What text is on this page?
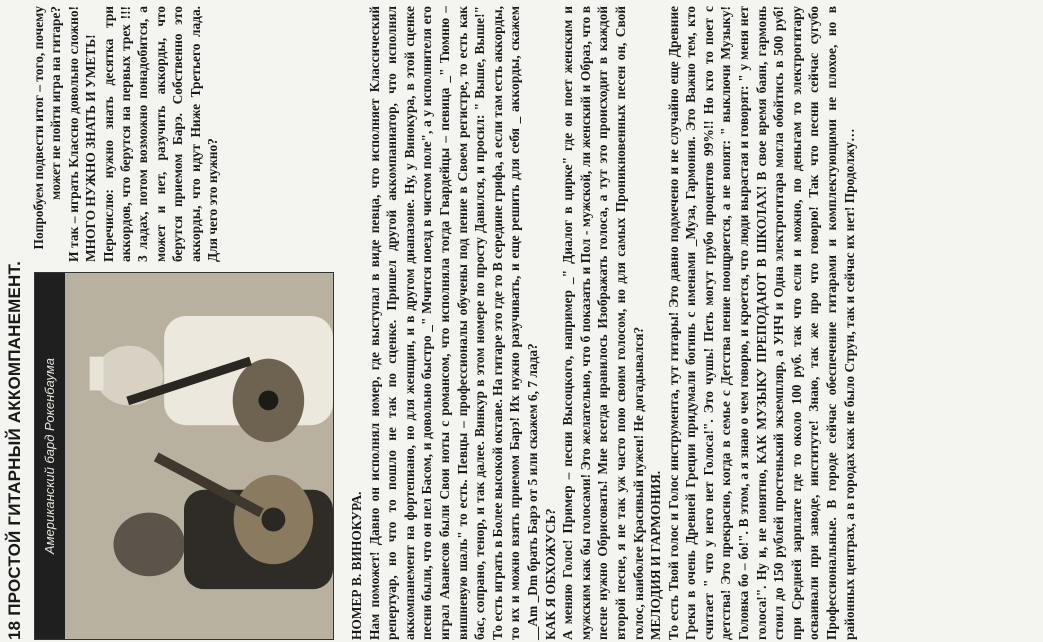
18 ПРОСТОЙ ГИТАРНЫЙ АККОМПАНЕМЕНТ.	Американский бард Рокенбаума

Попробуем подвести итог – того, почему может не пойти игра на гитаре? И так – играть Классно довольно сложно! МНОГО НУЖНО ЗНАТЬ И УМЕТЬ! Перечислю: нужно знать десятка три аккордов, что берутся на первых трех !!! 3 ладах, потом возможно понадобится, а может и нет, разучить аккорды, что берутся приемом Барэ. Собственно это аккорды, что идут Ниже Третьего лада. Для чего это нужно?

НОМЕР В. ВИНОКУРА. Нам поможет! Давно он исполнял номер, где выступал в виде певца, что исполняет Классический репертуар, но что то пошло не так по сценке. Пришел другой аккомпаниатор, что исполнял аккомпанемент на фортепиано, но для женщин, и в другом диапазоне. Ну, у Винокура, в этой сценке песни были, что он пел Басом, и довольно быстро _" Мчится поезд в чистом поле", а у исполнителя его играл Аванесов были Свои ноты с романсом, что исполняла тогда Гвардейцы – певица _" Тюмню – вишневую шаль" то есть. Певцы – профессионалы обучены под пение в Своем регистре, то есть как бас, сопрано, тенор, и так далее. Винкур в этом номере по просту Давился, и просил: " Выше, Выше!" То есть играть в Более высокой октаве. На гитаре это где то В середине грифа, а если там есть аккорды, то их и можно взять приемом Барэ! Их нужно разучивать, и еще решить для себя _ аккорды, скажем __Am _Dm брать Барэ от 5 или скажем 6, 7 лада? КАК Я ОБХОЖУСЬ? А меняю Голос! Пример – песни Высоцкого, например _" Диалог в цирке" где он поет женским и мужским как бы голосами! Это желательно, что б показать и Пол - мужской, ли женский и Образ, что в песне нужно Обрисовать! Мне всегда нравилось Изображать голоса, а тут это происходит в каждой второй песне, я не так уж часто пою своим голосом, но для самых Проникновенных песен он, Свой голос, наиболее Красивый нужен! Не догадывался? МЕЛОДИЯ И ГАРМОНИЯ. То есть Твой голос и Голос инструмента, тут гитары! Это давно подмечено и не случайно еще Древние Греки в очень Древней Греции придумали богинь с именами _Муза, Гармония. Это Важно тем, кто считает " что у него нет Голоса!". Это чушь! Петь могут грубо процентов 99%!! Но кто то поет с детства! Это прекрасно, когда в семье с Детства пение поощряется, а не вопят: " выключи Музыку! Головка бо – бо!". В этом, а я знаю о чем говорю, и кроется, что люди вырастая и говорят: " у меня нет голоса!". Ну и, не понятно, КАК МУЗЫКУ ПРЕПОДАЮТ В ШКОЛАХ! В свое время баян, гармонь стоил до 150 рублей простенький экземпляр, а УНЧ и Одна электрогитара могла обойтись в 500 руб! при Средней зарплате где то около 100 руб. так что если и можно, по деньгам то электрогитару осваивали при заводе, институте! Знаю, так же про что говорю! Так что песни сейчас сугубо Профессиональные. В городе сейчас обеспечение гитарами и комплектующими не плохое, но в районных центрах, а в городах как не было Струн, так и сейчас их нет! Продолжу…
